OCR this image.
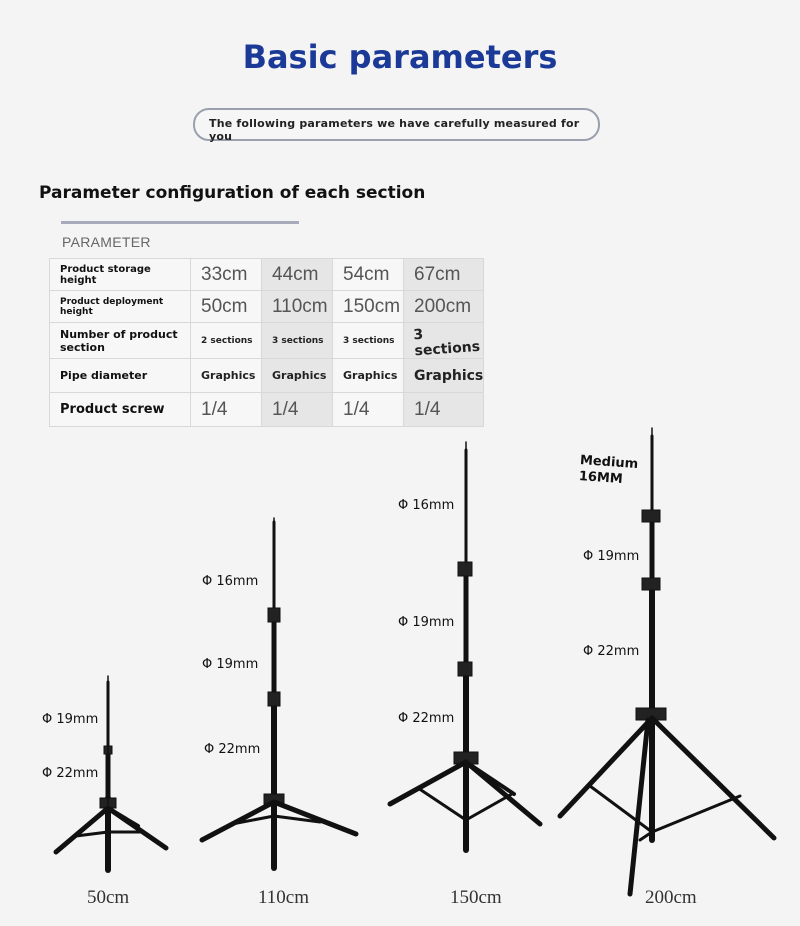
Basic parameters
The following parameters we have carefully measured for you
Parameter configuration of each section
PARAMETER
Product storage height	33cm	44cm	54cm	67cm
Product deployment height	50cm	110cm	150cm	200cm
Number of product section	2 sections	3 sections	3 sections	3 sections
Pipe diameter	Graphics	Graphics	Graphics	Graphics
Product screw	1/4	1/4	1/4	1/4
Φ 19mm
Φ 22mm
50cm
Φ 16mm
Φ 19mm
Φ 22mm
110cm
Φ 16mm
Φ 19mm
Φ 22mm
150cm
Medium
16MM
Φ 19mm
Φ 22mm
200cm
